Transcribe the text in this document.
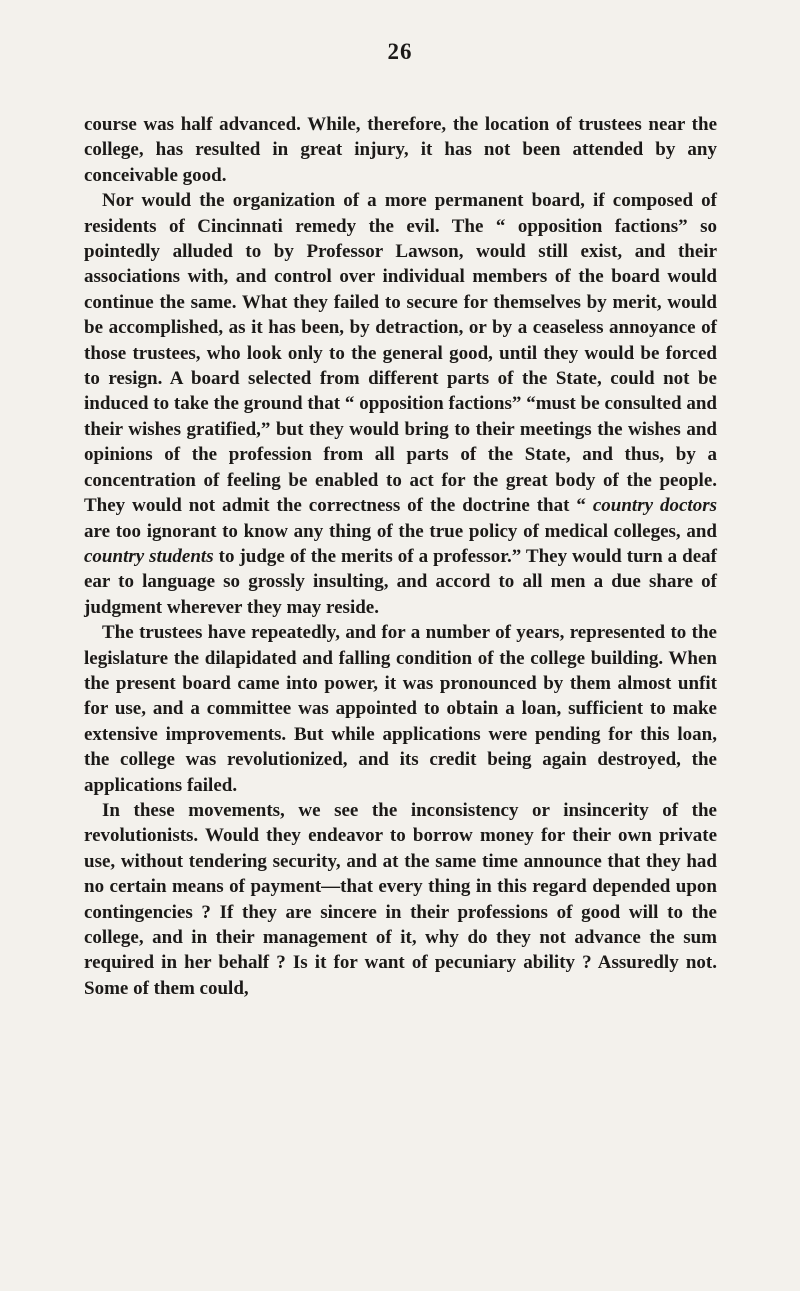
26

course was half advanced. While, therefore, the location of trustees near the college, has resulted in great injury, it has not been attended by any conceivable good.

Nor would the organization of a more permanent board, if composed of residents of Cincinnati remedy the evil. The “ opposition factions” so pointedly alluded to by Professor Lawson, would still exist, and their associations with, and control over individual members of the board would continue the same. What they failed to secure for themselves by merit, would be accomplished, as it has been, by detraction, or by a ceaseless annoyance of those trustees, who look only to the general good, until they would be forced to resign. A board selected from different parts of the State, could not be induced to take the ground that “ opposition factions” “must be consulted and their wishes gratified,” but they would bring to their meetings the wishes and opinions of the profession from all parts of the State, and thus, by a concentration of feeling be enabled to act for the great body of the people. They would not admit the correctness of the doctrine that “ country doctors are too ignorant to know any thing of the true policy of medical colleges, and country students to judge of the merits of a professor.” They would turn a deaf ear to language so grossly insulting, and accord to all men a due share of judgment wherever they may reside.

The trustees have repeatedly, and for a number of years, represented to the legislature the dilapidated and falling condition of the college building. When the present board came into power, it was pronounced by them almost unfit for use, and a committee was appointed to obtain a loan, sufficient to make extensive improvements. But while applications were pending for this loan, the college was revolutionized, and its credit being again destroyed, the applications failed.

In these movements, we see the inconsistency or insincerity of the revolutionists. Would they endeavor to borrow money for their own private use, without tendering security, and at the same time announce that they had no certain means of payment—that every thing in this regard depended upon contingencies ? If they are sincere in their professions of good will to the college, and in their management of it, why do they not advance the sum required in her behalf ? Is it for want of pecuniary ability ? Assuredly not. Some of them could,
